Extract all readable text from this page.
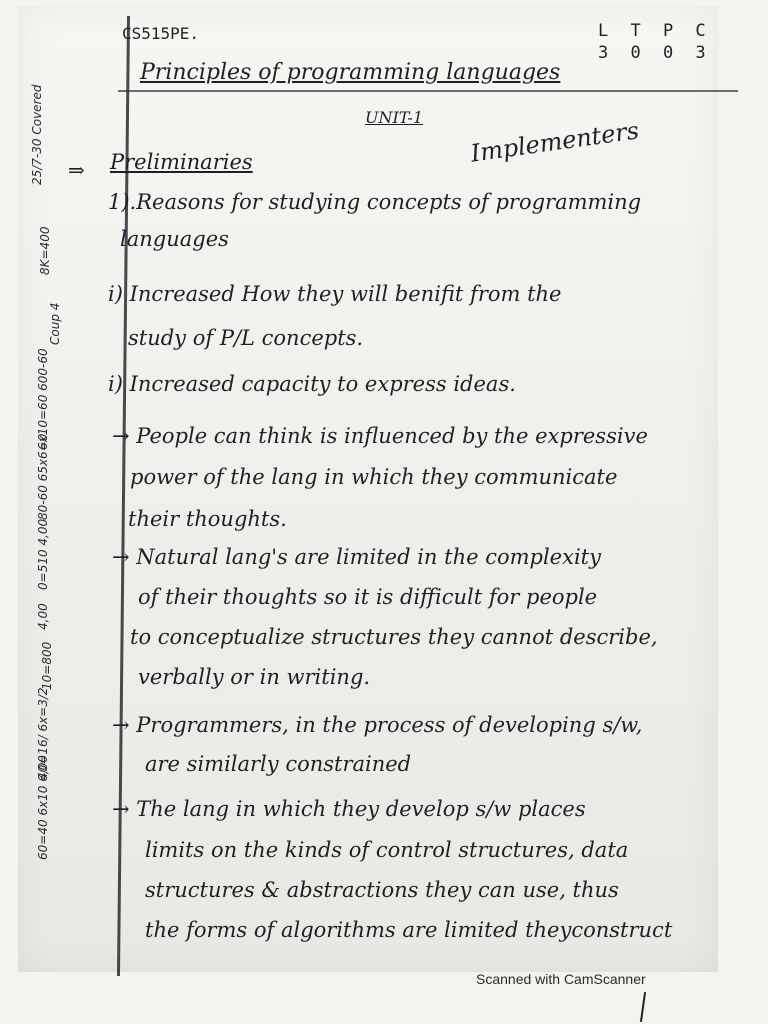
CS515PE.	L T P C
3 0 0 3
Principles of programming languages
UNIT-1 Implementers
⇒ Preliminaries
1).Reasons for studying concepts of programming
languages
i) Increased How they will benifit from the
study of P/L concepts.
i) Increased capacity to express ideas.
→ People can think is influenced by the expressive
power of the lang in which they communicate
their thoughts.
→ Natural lang's are limited in the complexity
of their thoughts so it is difficult for people
to conceptualize structures they cannot describe,
verbally or in writing.
→ Programmers, in the process of developing s/w,
are similarly constrained
→ The lang in which they develop s/w places
limits on the kinds of control structures, data
structures & abstractions they can use, thus
the forms of algorithms are limited theyconstruct
25/7-30 Covered
8K=400
Coup 4
6x10=60 600-60
80-60 65x6=0
0=510 4,00
4,00
10=800
40=16/ 6x=3/2
60=40 6x10 6,00
Scanned with CamScanner
